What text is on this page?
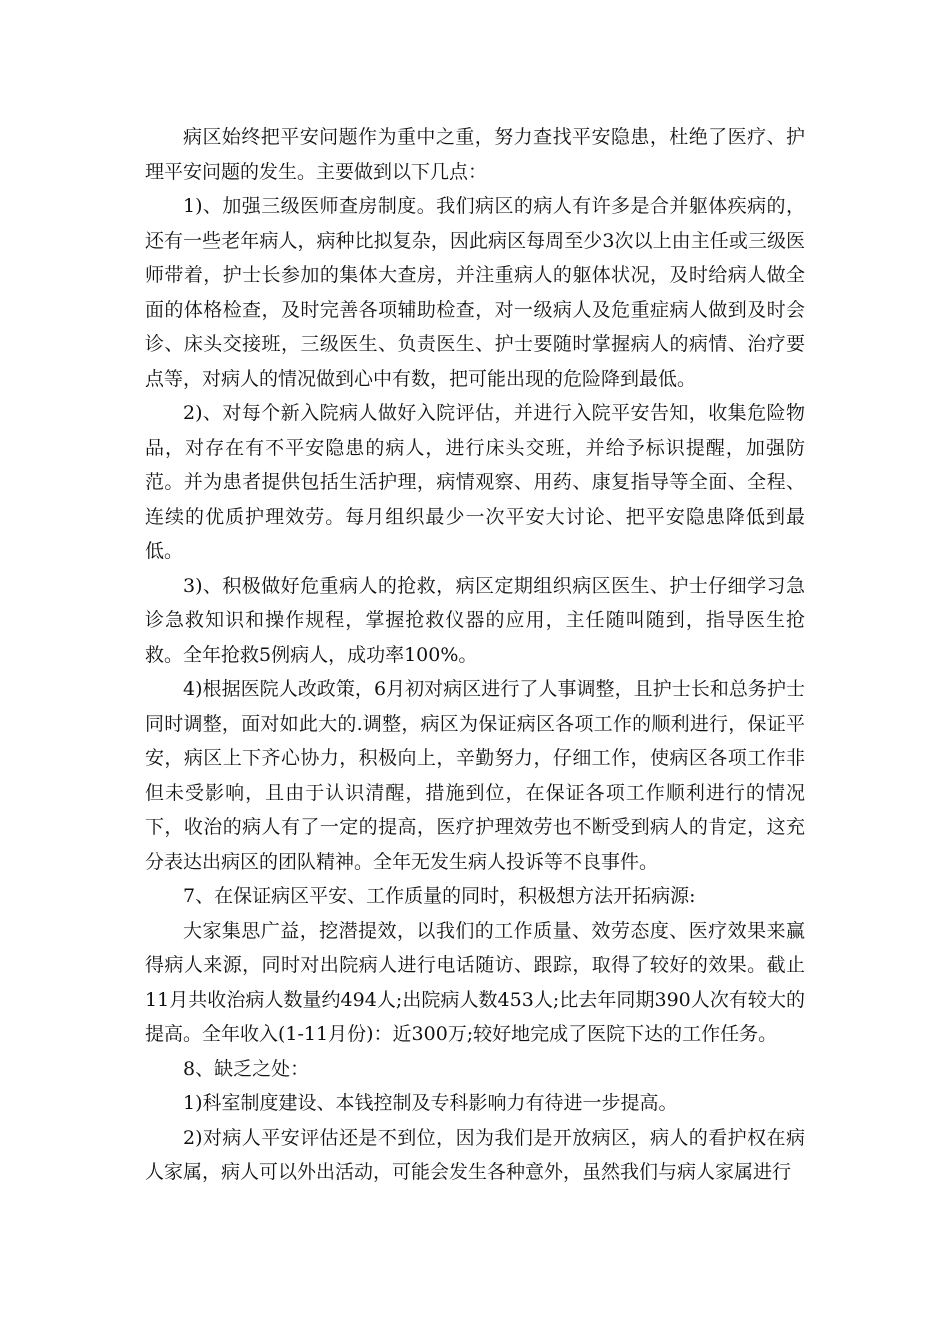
病区始终把平安问题作为重中之重，努力查找平安隐患，杜绝了医疗、护理平安问题的发生。主要做到以下几点：

1)、加强三级医师查房制度。我们病区的病人有许多是合并躯体疾病的，还有一些老年病人，病种比拟复杂，因此病区每周至少3次以上由主任或三级医师带着，护士长参加的集体大查房，并注重病人的躯体状况，及时给病人做全面的体格检查，及时完善各项辅助检查，对一级病人及危重症病人做到及时会诊、床头交接班，三级医生、负责医生、护士要随时掌握病人的病情、治疗要点等，对病人的情况做到心中有数，把可能出现的危险降到最低。

2)、对每个新入院病人做好入院评估，并进行入院平安告知，收集危险物品，对存在有不平安隐患的病人，进行床头交班，并给予标识提醒，加强防范。并为患者提供包括生活护理，病情观察、用药、康复指导等全面、全程、连续的优质护理效劳。每月组织最少一次平安大讨论、把平安隐患降低到最低。

3)、积极做好危重病人的抢救，病区定期组织病区医生、护士仔细学习急诊急救知识和操作规程，掌握抢救仪器的应用，主任随叫随到，指导医生抢救。全年抢救5例病人，成功率100%。

4)根据医院人改政策，6月初对病区进行了人事调整，且护士长和总务护士同时调整，面对如此大的.调整，病区为保证病区各项工作的顺利进行，保证平安，病区上下齐心协力，积极向上，辛勤努力，仔细工作，使病区各项工作非但未受影响，且由于认识清醒，措施到位，在保证各项工作顺利进行的情况下，收治的病人有了一定的提高，医疗护理效劳也不断受到病人的肯定，这充分表达出病区的团队精神。全年无发生病人投诉等不良事件。

7、在保证病区平安、工作质量的同时，积极想方法开拓病源:

大家集思广益，挖潜提效，以我们的工作质量、效劳态度、医疗效果来赢得病人来源，同时对出院病人进行电话随访、跟踪，取得了较好的效果。截止11月共收治病人数量约494人;出院病人数453人;比去年同期390人次有较大的提高。全年收入(1-11月份)：近300万;较好地完成了医院下达的工作任务。

8、缺乏之处：

1)科室制度建设、本钱控制及专科影响力有待进一步提高。

2)对病人平安评估还是不到位，因为我们是开放病区，病人的看护权在病人家属，病人可以外出活动，可能会发生各种意外，虽然我们与病人家属进行
